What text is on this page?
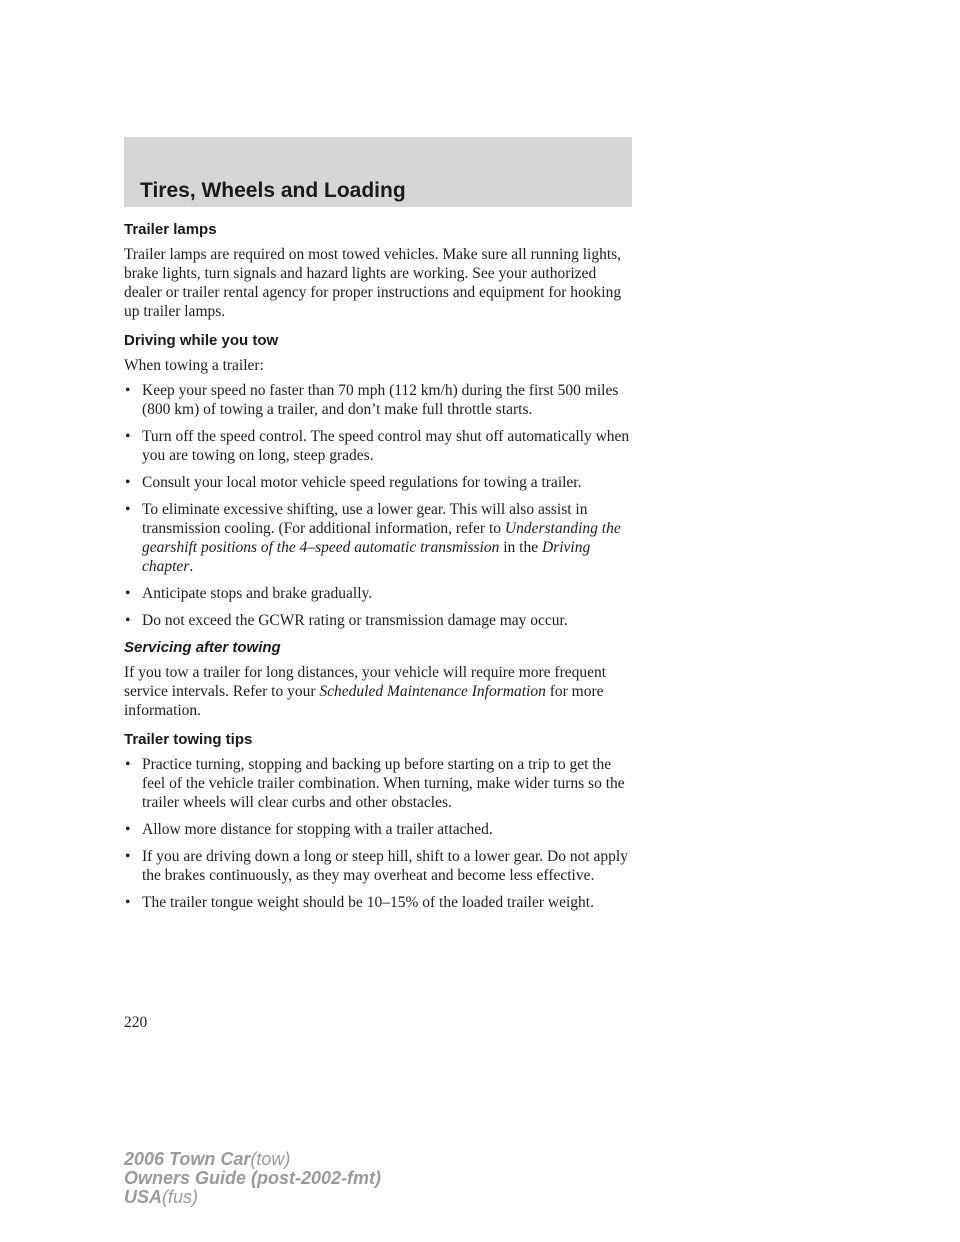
Tires, Wheels and Loading
Trailer lamps

Trailer lamps are required on most towed vehicles. Make sure all running lights, brake lights, turn signals and hazard lights are working. See your authorized dealer or trailer rental agency for proper instructions and equipment for hooking up trailer lamps.

Driving while you tow

When towing a trailer:

• Keep your speed no faster than 70 mph (112 km/h) during the first 500 miles (800 km) of towing a trailer, and don’t make full throttle starts.
• Turn off the speed control. The speed control may shut off automatically when you are towing on long, steep grades.
• Consult your local motor vehicle speed regulations for towing a trailer.
• To eliminate excessive shifting, use a lower gear. This will also assist in transmission cooling. (For additional information, refer to Understanding the gearshift positions of the 4–speed automatic transmission in the Driving chapter.
• Anticipate stops and brake gradually.
• Do not exceed the GCWR rating or transmission damage may occur.
Servicing after towing

If you tow a trailer for long distances, your vehicle will require more frequent service intervals. Refer to your Scheduled Maintenance Information for more information.

Trailer towing tips
• Practice turning, stopping and backing up before starting on a trip to get the feel of the vehicle trailer combination. When turning, make wider turns so the trailer wheels will clear curbs and other obstacles.
• Allow more distance for stopping with a trailer attached.
• If you are driving down a long or steep hill, shift to a lower gear. Do not apply the brakes continuously, as they may overheat and become less effective.
• The trailer tongue weight should be 10–15% of the loaded trailer weight.
220
2006 Town Car(tow)
Owners Guide (post-2002-fmt)
USA(fus)
